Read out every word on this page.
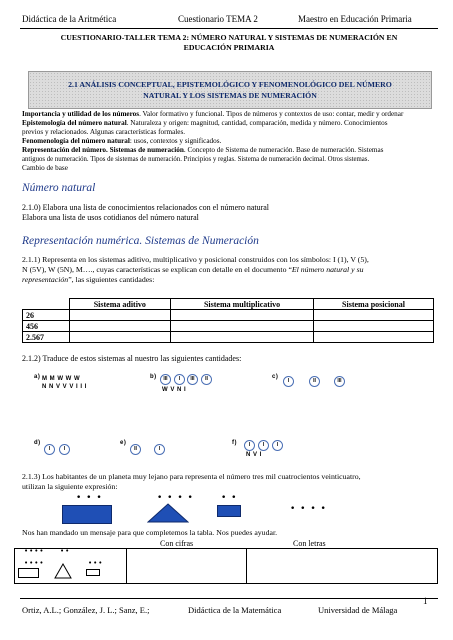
Didáctica de la Aritmética	Cuestionario TEMA 2	Maestro en Educación Primaria
CUESTIONARIO-TALLER TEMA 2: NÚMERO NATURAL Y SISTEMAS DE NUMERACIÓN EN
EDUCACIÓN PRIMARIA
2.1 ANÁLISIS CONCEPTUAL, EPISTEMOLÓGICO Y FENOMENOLÓGICO DEL NÚMERO
NATURAL Y LOS SISTEMAS DE NUMERACIÓN
Importancia y utilidad de los números. Valor formativo y funcional. Tipos de números y contextos de uso: contar, medir y ordenar
Epistemología del número natural. Naturaleza y origen: magnitud, cantidad, comparación, medida y número. Conocimientos
previos y relacionados. Algunas características formales.
Fenomenología del número natural: usos, contextos y significados.
Representación del número. Sistemas de numeración. Concepto de Sistema de numeración. Base de numeración. Sistemas
antiguos de numeración. Tipos de sistemas de numeración. Principios y reglas. Sistema de numeración decimal. Otros sistemas.
Cambio de base
Número natural
2.1.0) Elabora una lista de conocimientos relacionados con el número natural
Elabora una lista de usos cotidianos del número natural
Representación numérica. Sistemas de Numeración
2.1.1) Representa en los sistemas aditivo, multiplicativo y posicional construidos con los símbolos: I (1), V (5),
N (5V), W (5N), M…., cuyas características se explican con detalle en el documento “El número natural y su
representación”, las siguientes cantidades:
	Sistema aditivo	Sistema multiplicativo	Sistema posicional
26			
456			
2.567			
2.1.2) Traduce de estos sistemas al nuestro las siguientes cantidades:
a) M M W W W
N N V V V I I I
b)	III	I	III	II
W V N I
c)
I	II	III
d)
I	I
e)
II	I
f)	I	I	I
N V I
2.1.3) Los habitantes de un planeta muy lejano para representa el número tres mil cuatrocientos veinticuatro,
utilizan la siguiente expresión:
• • •	• • • •	• •
• • • •
Nos han mandado un mensaje para que completemos la tabla. Nos puedes ayudar.
Con cifras	Con letras
•••• ••
••••	•••
Ortiz, A.L.; González, J. L.; Sanz, E.;	Didáctica de la Matemática	Universidad de Málaga
1
